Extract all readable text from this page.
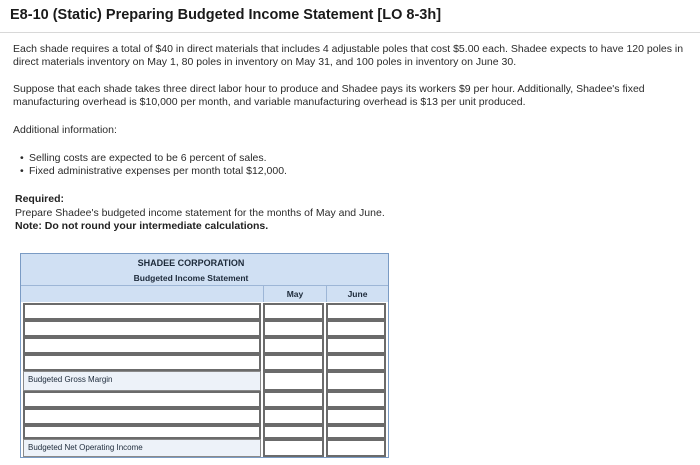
E8-10 (Static) Preparing Budgeted Income Statement [LO 8-3h]
Each shade requires a total of $40 in direct materials that includes 4 adjustable poles that cost $5.00 each. Shadee expects to have 120 poles in direct materials inventory on May 1, 80 poles in inventory on May 31, and 100 poles in inventory on June 30.
Suppose that each shade takes three direct labor hour to produce and Shadee pays its workers $9 per hour. Additionally, Shadee's fixed manufacturing overhead is $10,000 per month, and variable manufacturing overhead is $13 per unit produced.
Additional information:
• Selling costs are expected to be 6 percent of sales.
• Fixed administrative expenses per month total $12,000.
Required:
Prepare Shadee's budgeted income statement for the months of May and June.
Note: Do not round your intermediate calculations.
SHADEE CORPORATION
Budgeted Income Statement
May	June
Budgeted Gross Margin
Budgeted Net Operating Income
